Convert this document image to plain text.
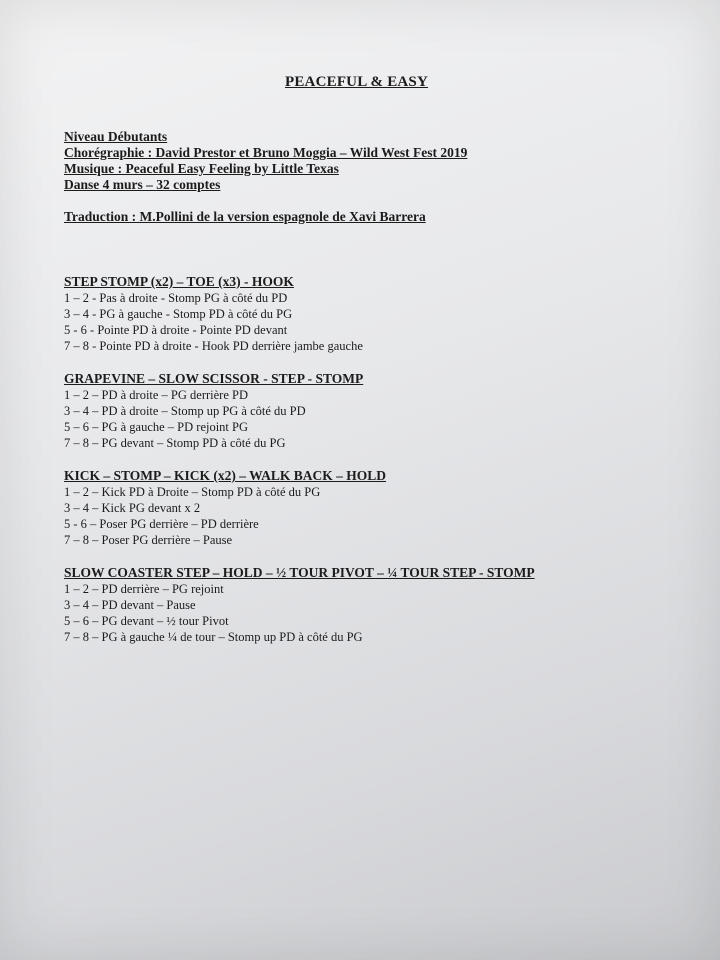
PEACEFUL & EASY
Niveau Débutants
Chorégraphie : David Prestor et Bruno Moggia – Wild West Fest 2019
Musique : Peaceful Easy Feeling by Little Texas
Danse 4 murs – 32 comptes
Traduction : M.Pollini de la version espagnole de Xavi Barrera
STEP STOMP (x2) – TOE (x3) - HOOK
1 – 2 - Pas à droite - Stomp PG à côté du PD
3 – 4 - PG à gauche - Stomp PD à côté du PG
5 - 6 - Pointe PD à droite - Pointe PD devant
7 – 8 - Pointe PD à droite - Hook PD derrière jambe gauche
GRAPEVINE – SLOW SCISSOR - STEP - STOMP
1 – 2 – PD à droite – PG derrière PD
3 – 4 – PD à droite – Stomp up PG à côté du PD
5 – 6 – PG à gauche – PD rejoint PG
7 – 8 – PG devant – Stomp PD à côté du PG
KICK – STOMP – KICK (x2) – WALK BACK – HOLD
1 – 2 – Kick PD à Droite – Stomp PD à côté du PG
3 – 4 – Kick PG devant x 2
5 - 6 – Poser PG derrière – PD derrière
7 – 8 – Poser PG derrière – Pause
SLOW COASTER STEP – HOLD – ½ TOUR PIVOT – ¼ TOUR STEP - STOMP
1 – 2 – PD derrière – PG rejoint
3 – 4 – PD devant – Pause
5 – 6 – PG devant – ½ tour Pivot
7 – 8 – PG à gauche ¼ de tour – Stomp up PD à côté du PG
